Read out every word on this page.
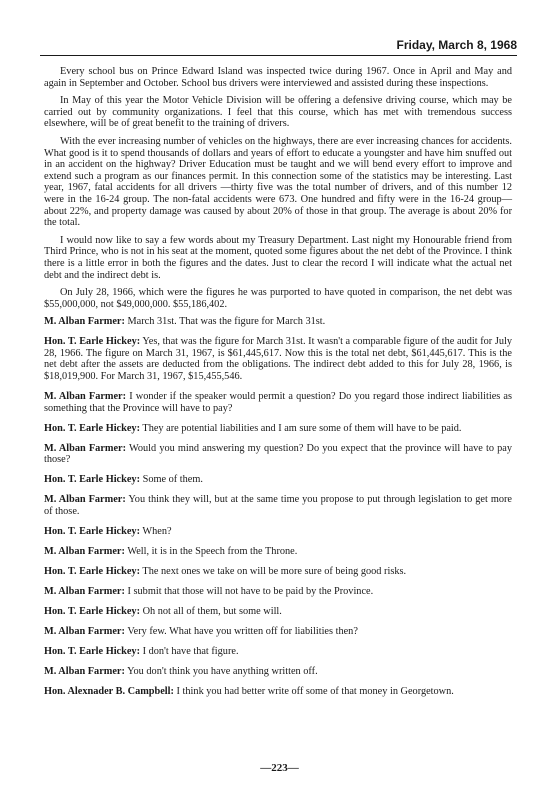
Friday, March 8, 1968

Every school bus on Prince Edward Island was inspected twice during 1967. Once in April and May and again in September and October. School bus drivers were interviewed and assisted during these inspections.

In May of this year the Motor Vehicle Division will be offering a defensive driving course, which may be carried out by community organizations. I feel that this course, which has met with tremendous success elsewhere, will be of great benefit to the training of drivers.

With the ever increasing number of vehicles on the highways, there are ever increasing chances for accidents. What good is it to spend thousands of dollars and years of effort to educate a youngster and have him snuffed out in an accident on the highway? Driver Education must be taught and we will bend every effort to improve and extend such a program as our finances permit. In this connection some of the statistics may be interesting. Last year, 1967, fatal accidents for all drivers —thirty five was the total number of drivers, and of this number 12 were in the 16-24 group. The non-fatal accidents were 673. One hundred and fifty were in the 16-24 group—about 22%, and property damage was caused by about 20% of those in that group. The average is about 20% for the total.

I would now like to say a few words about my Treasury Department. Last night my Honourable friend from Third Prince, who is not in his seat at the moment, quoted some figures about the net debt of the Province. I think there is a little error in both the figures and the dates. Just to clear the record I will indicate what the actual net debt and the indirect debt is.

On July 28, 1966, which were the figures he was purported to have quoted in comparison, the net debt was $55,000,000, not $49,000,000. $55,186,402.

M. Alban Farmer: March 31st. That was the figure for March 31st.

Hon. T. Earle Hickey: Yes, that was the figure for March 31st. It wasn't a comparable figure of the audit for July 28, 1966. The figure on March 31, 1967, is $61,445,617. Now this is the total net debt, $61,445,617. This is the net debt after the assets are deducted from the obligations. The indirect debt added to this for July 28, 1966, is $18,019,900. For March 31, 1967, $15,455,546.

M. Alban Farmer: I wonder if the speaker would permit a question? Do you regard those indirect liabilities as something that the Province will have to pay?

Hon. T. Earle Hickey: They are potential liabilities and I am sure some of them will have to be paid.

M. Alban Farmer: Would you mind answering my question? Do you expect that the province will have to pay those?

Hon. T. Earle Hickey: Some of them.

M. Alban Farmer: You think they will, but at the same time you propose to put through legislation to get more of those.

Hon. T. Earle Hickey: When?

M. Alban Farmer: Well, it is in the Speech from the Throne.

Hon. T. Earle Hickey: The next ones we take on will be more sure of being good risks.

M. Alban Farmer: I submit that those will not have to be paid by the Province.

Hon. T. Earle Hickey: Oh not all of them, but some will.

M. Alban Farmer: Very few. What have you written off for liabilities then?

Hon. T. Earle Hickey: I don't have that figure.

M. Alban Farmer: You don't think you have anything written off.

Hon. Alexnader B. Campbell: I think you had better write off some of that money in Georgetown.

—223—
